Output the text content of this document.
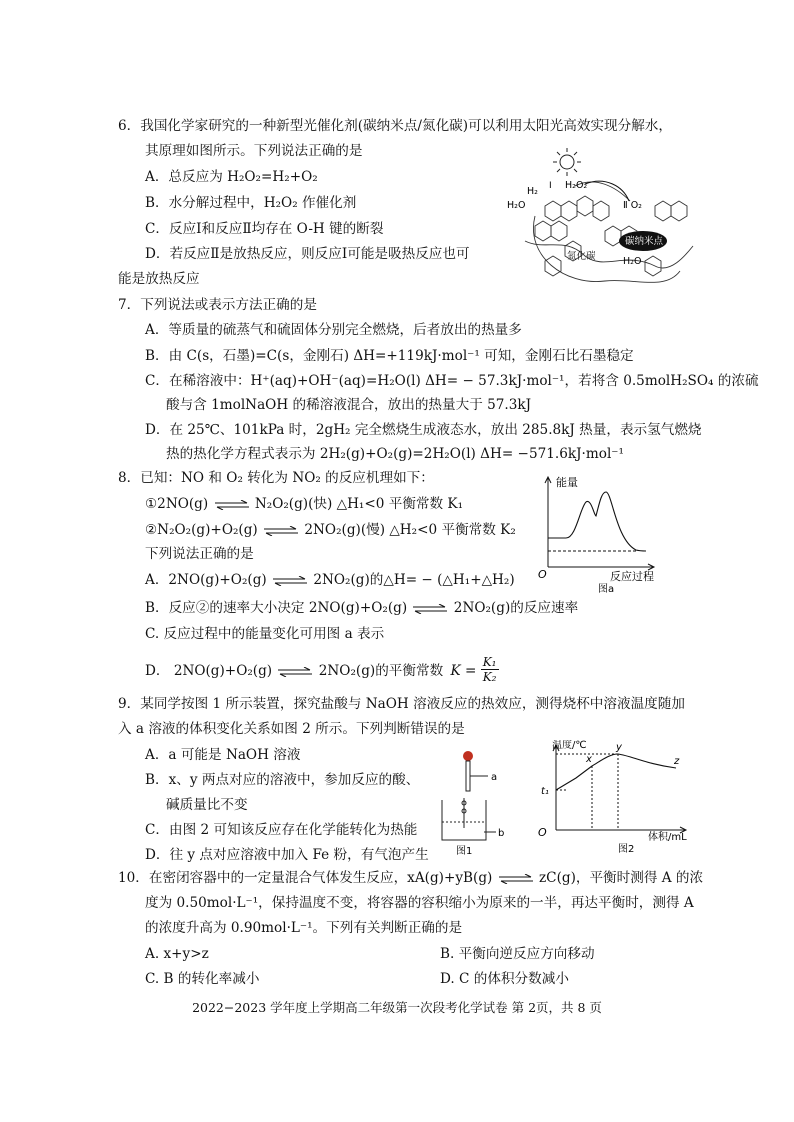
6．我国化学家研究的一种新型光催化剂(碳纳米点/氮化碳)可以利用太阳光高效实现分解水，
其原理如图所示。下列说法正确的是
A．总反应为 H₂O₂=H₂+O₂
B．水分解过程中，H₂O₂ 作催化剂
C．反应Ⅰ和反应Ⅱ均存在 O-H 键的断裂
D．若反应Ⅱ是放热反应，则反应Ⅰ可能是吸热反应也可
能是放热反应
碳纳米点
氮化碳
H₂O₂
H₂ Ⅰ
H₂O	Ⅱ O₂
H₂O
7．下列说法或表示方法正确的是
A．等质量的硫蒸气和硫固体分别完全燃烧，后者放出的热量多
B．由 C(s，石墨)=C(s，金刚石) ΔH=+119kJ·mol⁻¹ 可知，金刚石比石墨稳定
C．在稀溶液中：H⁺(aq)+OH⁻(aq)=H₂O(l) ΔH= − 57.3kJ·mol⁻¹，若将含 0.5molH₂SO₄ 的浓硫
酸与含 1molNaOH 的稀溶液混合，放出的热量大于 57.3kJ
D．在 25℃、101kPa 时，2gH₂ 完全燃烧生成液态水，放出 285.8kJ 热量，表示氢气燃烧
热的热化学方程式表示为 2H₂(g)+O₂(g)=2H₂O(l) ΔH= −571.6kJ·mol⁻¹
8．已知：NO 和 O₂ 转化为 NO₂ 的反应机理如下：
①2NO(g) ⇌ N₂O₂(g)(快) △H₁<0 平衡常数 K₁
②N₂O₂(g)+O₂(g) ⇌ 2NO₂(g)(慢) △H₂<0 平衡常数 K₂
下列说法正确的是
A．2NO(g)+O₂(g) ⇌ 2NO₂(g)的△H= − (△H₁+△H₂)
B．反应②的速率大小决定 2NO(g)+O₂(g) ⇌ 2NO₂(g)的反应速率
C. 反应过程中的能量变化可用图 a 表示
D． 2NO(g)+O₂(g) ⇌ 2NO₂(g)的平衡常数 $K = \frac{\text{K₁}}{\text{K₂}}$
能量
O	反应过程
图a
9．某同学按图 1 所示装置，探究盐酸与 NaOH 溶液反应的热效应，测得烧杯中溶液温度随加
入 a 溶液的体积变化关系如图 2 所示。下列判断错误的是
A．a 可能是 NaOH 溶液
B．x、y 两点对应的溶液中，参加反应的酸、
碱质量比不变
C．由图 2 可知该反应存在化学能转化为热能
D．往 y 点对应溶液中加入 Fe 粉，有气泡产生
a
b
图1
温度/℃
O	体积/mL
t₁
x
y
z
图2
10．在密闭容器中的一定量混合气体发生反应，xA(g)+yB(g) ⇌ zC(g)，平衡时测得 A 的浓
度为 0.50mol·L⁻¹，保持温度不变，将容器的容积缩小为原来的一半，再达平衡时，测得 A
的浓度升高为 0.90mol·L⁻¹。下列有关判断正确的是
A. x+y>z	B. 平衡向逆反应方向移动
C. B 的转化率减小	D. C 的体积分数减小
2022−2023 学年度上学期高二年级第一次段考化学试卷 第 2页，共 8 页
